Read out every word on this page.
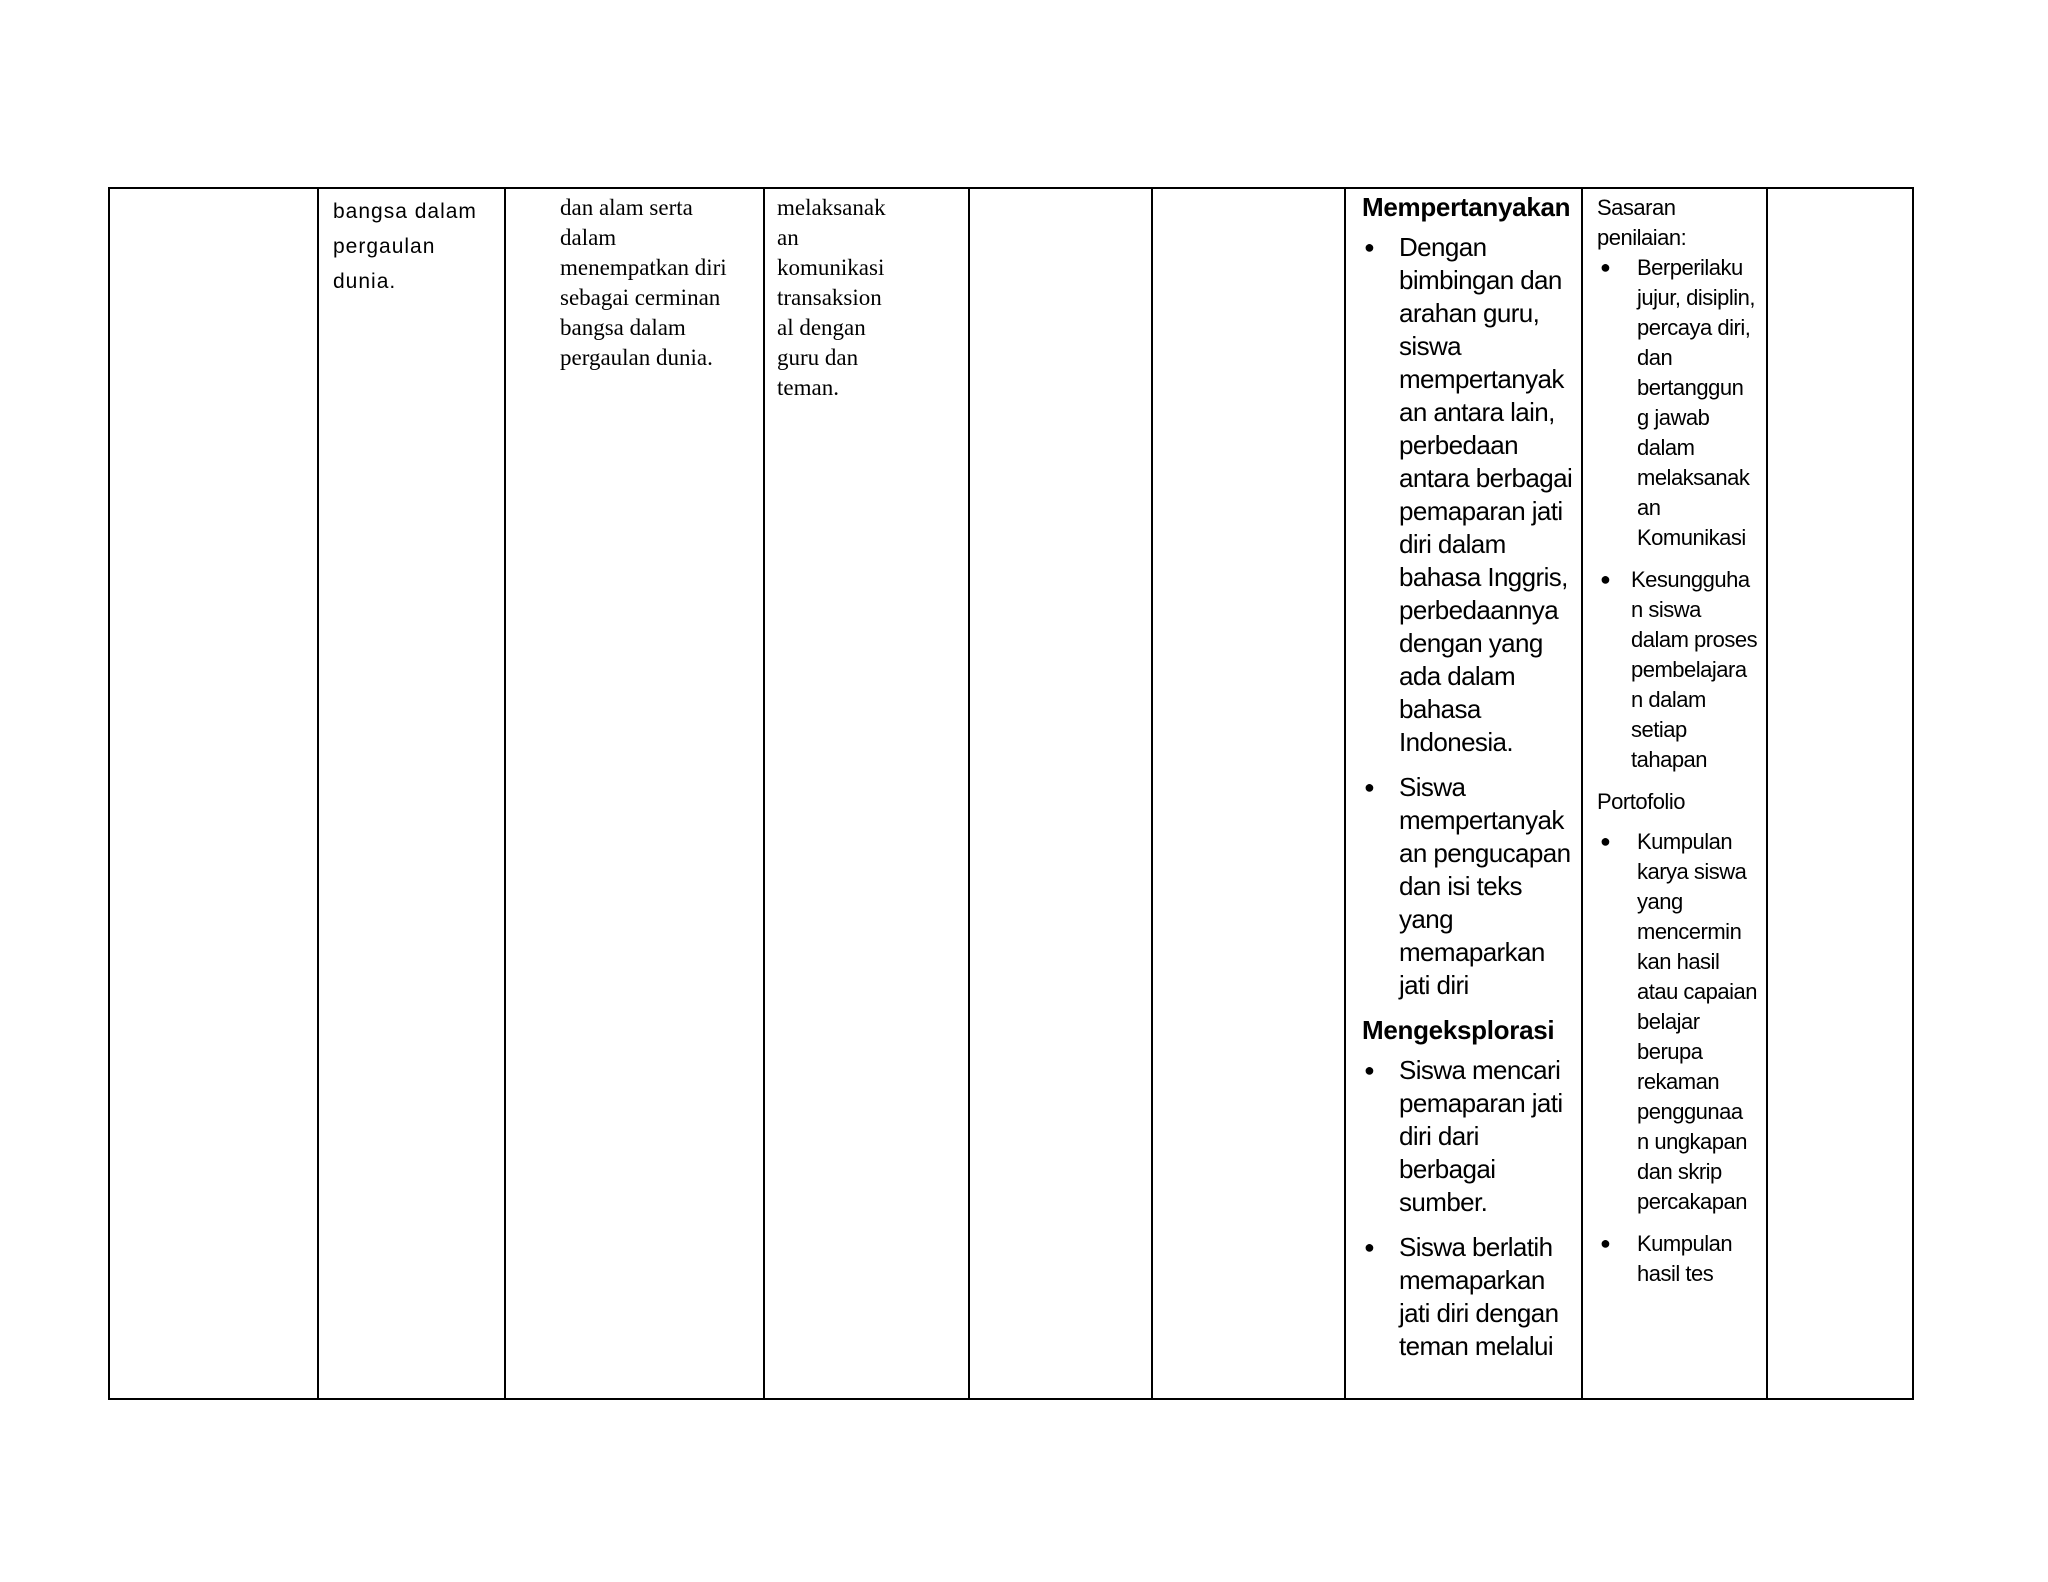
bangsa dalam

pergaulan

dunia.

dan alam serta

dalam

menempatkan diri

sebagai cerminan

bangsa dalam

pergaulan dunia.

melaksanak

an

komunikasi

transaksion

al dengan

guru dan

teman.

Mempertanyakan
● Dengan bimbingan dan arahan guru, siswa mempertanyak an antara lain, perbedaan antara berbagai pemaparan jati diri dalam bahasa Inggris, perbedaannya dengan yang ada dalam bahasa Indonesia.
● Siswa mempertanyak an pengucapan dan isi teks yang memaparkan jati diri
Mengeksplorasi
● Siswa mencari pemaparan jati diri dari berbagai sumber.
● Siswa berlatih memaparkan jati diri dengan teman melalui

Sasaran penilaian:

● Berperilaku jujur, disiplin, percaya diri, dan bertanggun g jawab dalam melaksanak an Komunikasi
● Kesungguha n siswa dalam proses pembelajara n dalam setiap tahapan

Portofolio

● Kumpulan karya siswa yang mencermin kan hasil atau capaian belajar berupa rekaman penggunaa n ungkapan dan skrip percakapan
● Kumpulan hasil tes
